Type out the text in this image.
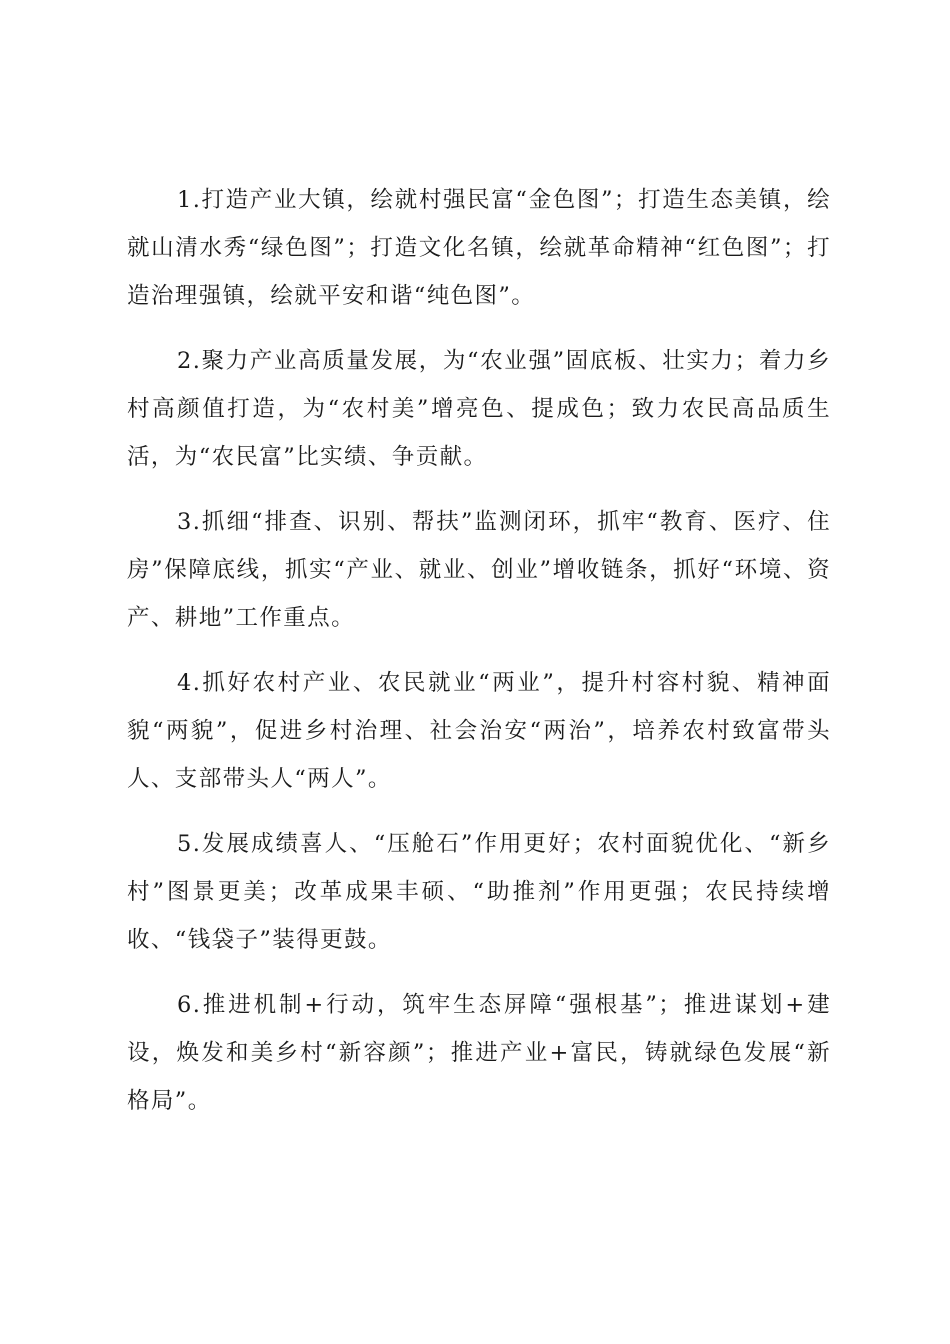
1.打造产业大镇，绘就村强民富“金色图”；打造生态美镇，绘就山清水秀“绿色图”；打造文化名镇，绘就革命精神“红色图”；打造治理强镇，绘就平安和谐“纯色图”。

2.聚力产业高质量发展，为“农业强”固底板、壮实力；着力乡村高颜值打造，为“农村美”增亮色、提成色；致力农民高品质生活，为“农民富”比实绩、争贡献。

3.抓细“排查、识别、帮扶”监测闭环，抓牢“教育、医疗、住房”保障底线，抓实“产业、就业、创业”增收链条，抓好“环境、资产、耕地”工作重点。

4.抓好农村产业、农民就业“两业”，提升村容村貌、精神面貌“两貌”，促进乡村治理、社会治安“两治”，培养农村致富带头人、支部带头人“两人”。

5.发展成绩喜人、“压舱石”作用更好；农村面貌优化、“新乡村”图景更美；改革成果丰硕、“助推剂”作用更强；农民持续增收、“钱袋子”装得更鼓。

6.推进机制+行动，筑牢生态屏障“强根基”；推进谋划+建设，焕发和美乡村“新容颜”；推进产业+富民，铸就绿色发展“新格局”。
